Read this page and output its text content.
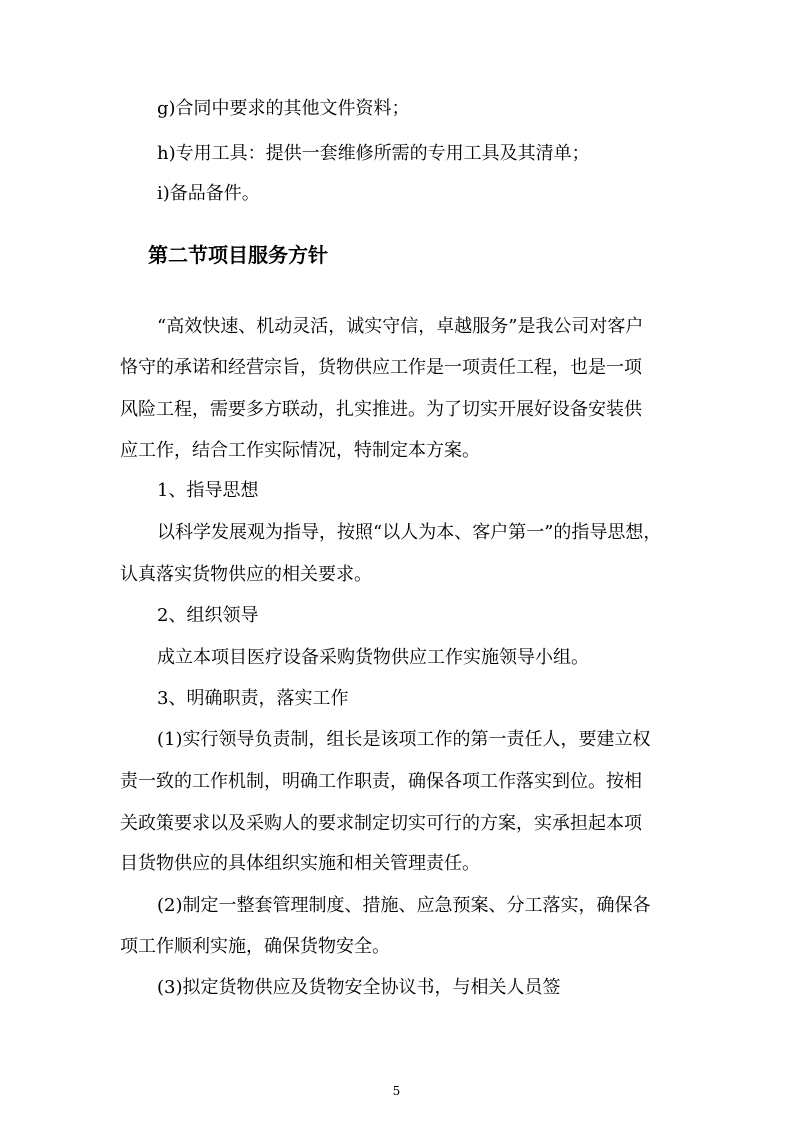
g)合同中要求的其他文件资料；
h)专用工具：提供一套维修所需的专用工具及其清单；
i)备品备件。
第二节项目服务方针
“高效快速、机动灵活，诚实守信，卓越服务”是我公司对客户
恪守的承诺和经营宗旨，货物供应工作是一项责任工程，也是一项
风险工程，需要多方联动，扎实推进。为了切实开展好设备安装供
应工作，结合工作实际情况，特制定本方案。
1、指导思想
以科学发展观为指导，按照“以人为本、客户第一”的指导思想，
认真落实货物供应的相关要求。
2、组织领导
成立本项目医疗设备采购货物供应工作实施领导小组。
3、明确职责，落实工作
(1)实行领导负责制，组长是该项工作的第一责任人，要建立权
责一致的工作机制，明确工作职责，确保各项工作落实到位。按相
关政策要求以及采购人的要求制定切实可行的方案，实承担起本项
目货物供应的具体组织实施和相关管理责任。
(2)制定一整套管理制度、措施、应急预案、分工落实，确保各
项工作顺利实施，确保货物安全。
(3)拟定货物供应及货物安全协议书，与相关人员签
5
